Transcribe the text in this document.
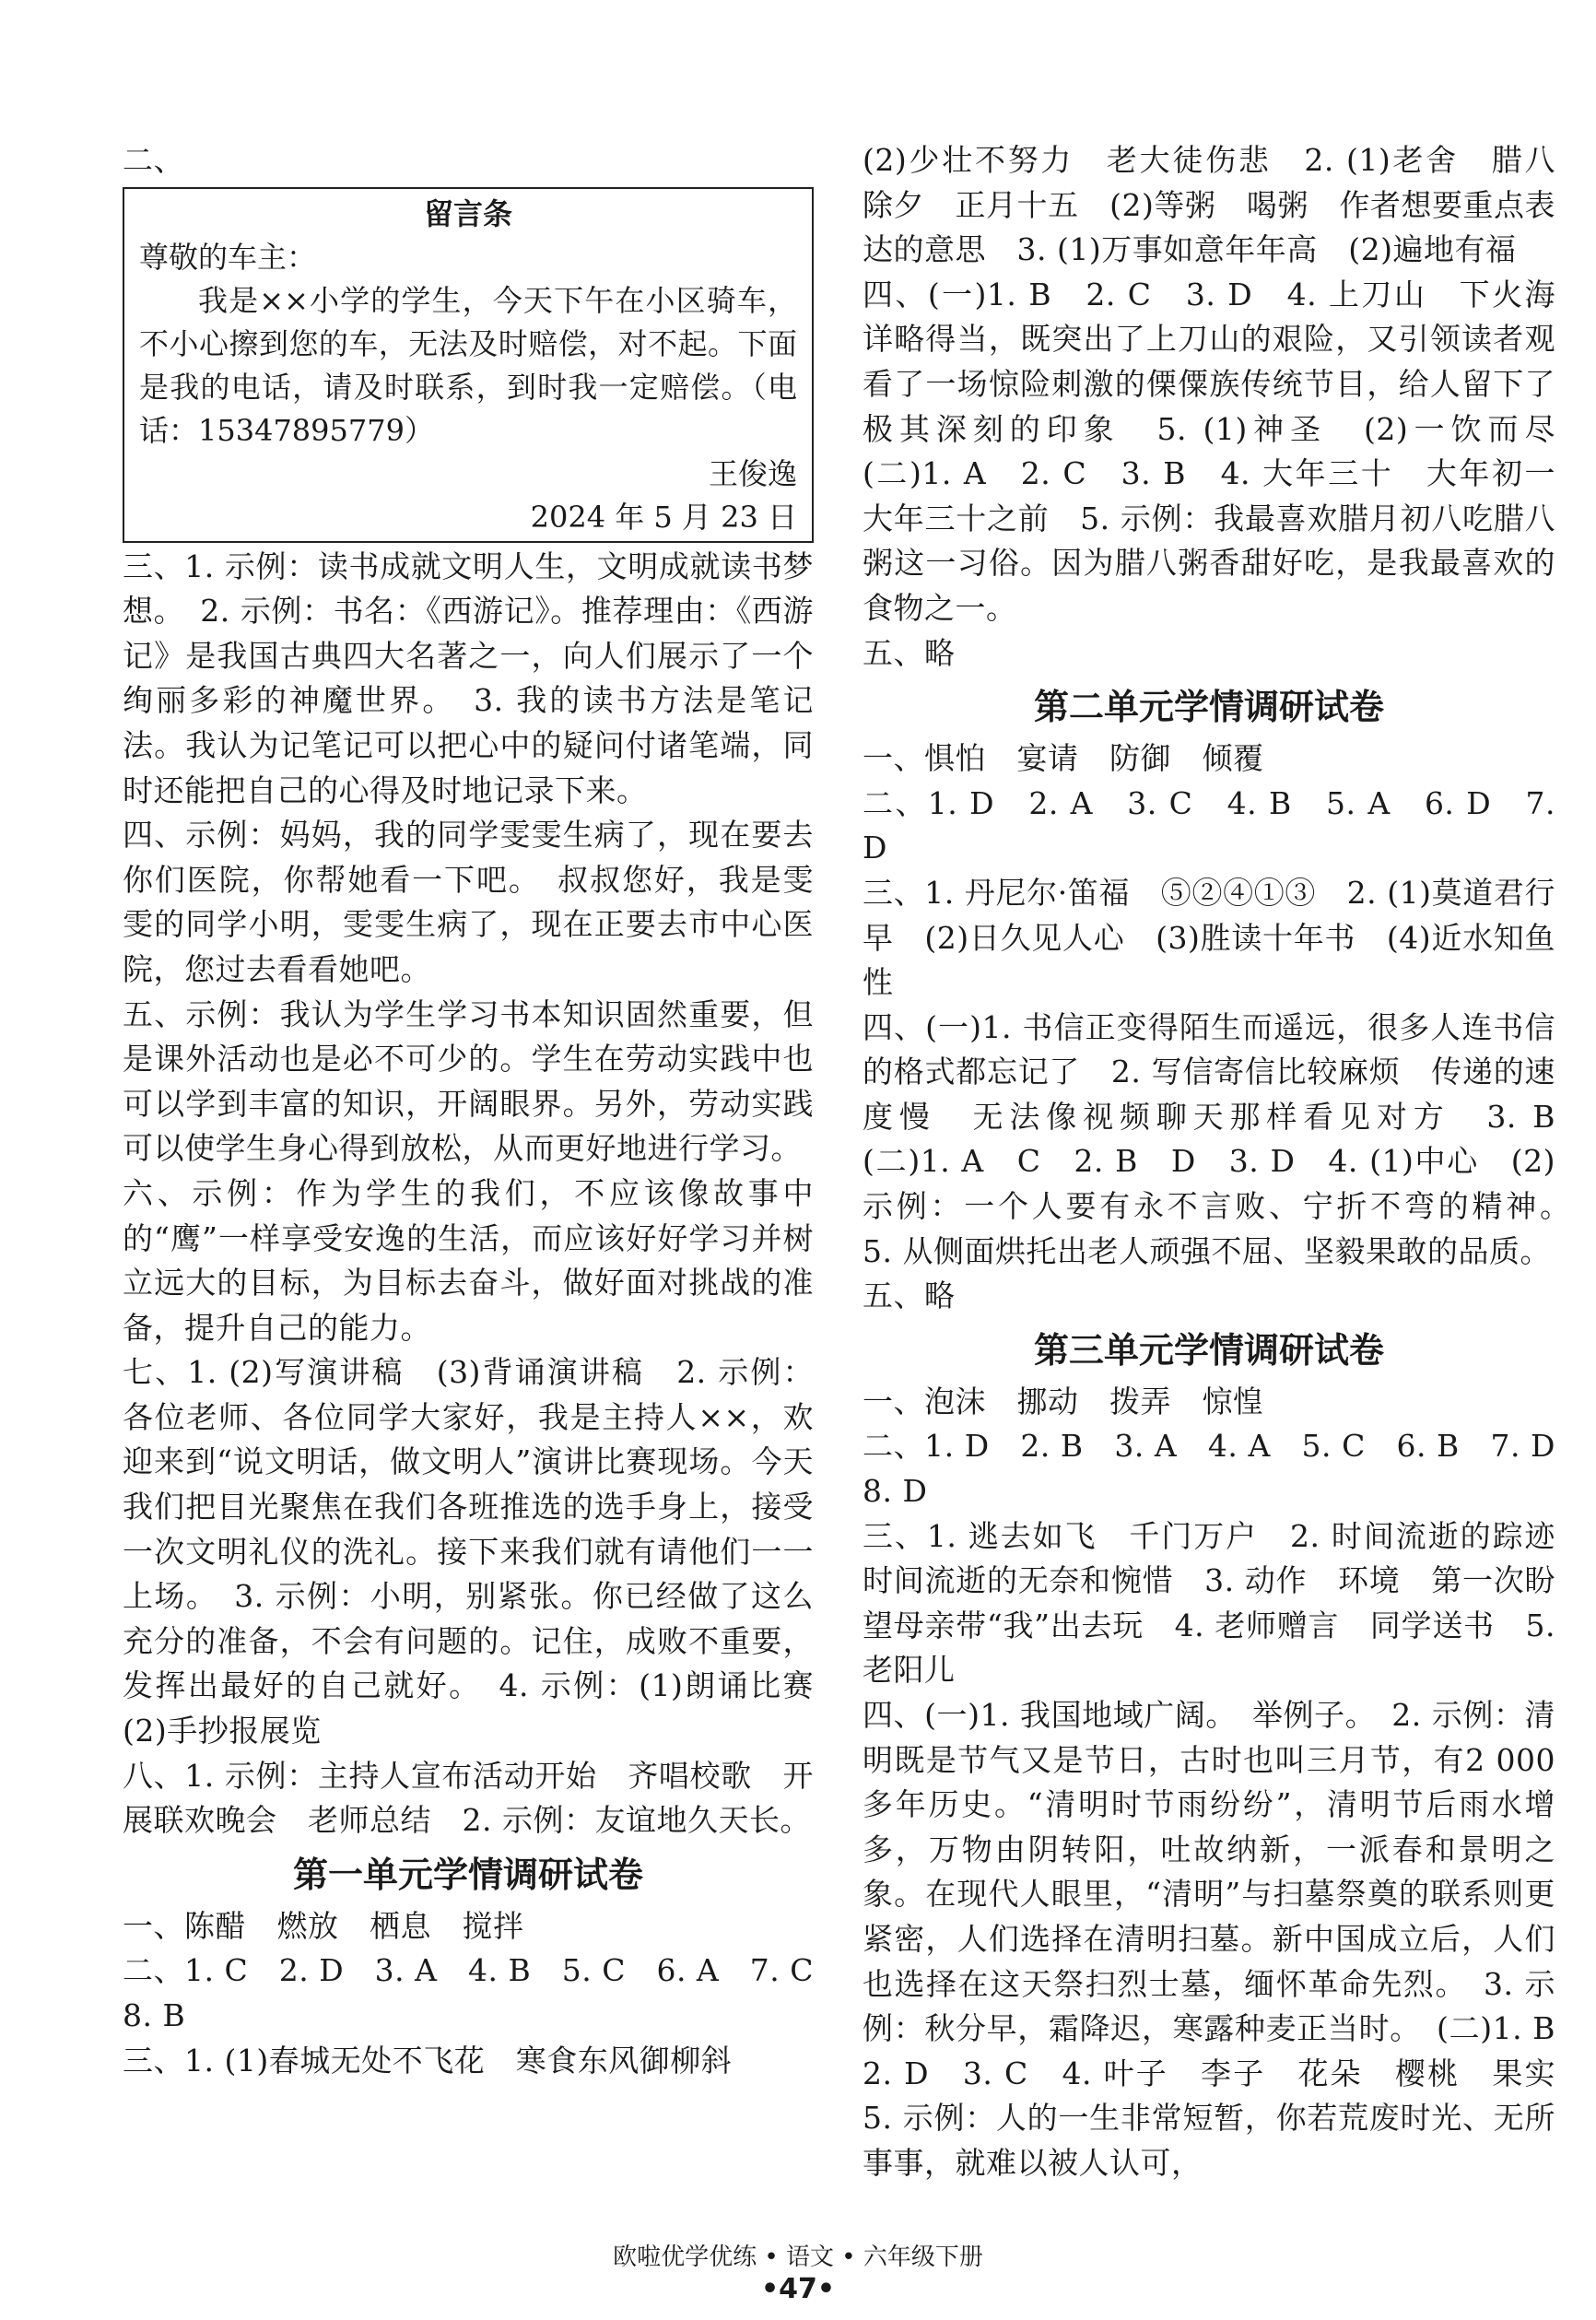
二、

留言条
尊敬的车主：

我是××小学的学生，今天下午在小区骑车，不小心擦到您的车，无法及时赔偿，对不起。下面是我的电话，请及时联系，到时我一定赔偿。（电话：15347895779）

王俊逸
2024 年 5 月 23 日

三、1. 示例：读书成就文明人生，文明成就读书梦想。　2. 示例：书名：《西游记》。推荐理由：《西游记》是我国古典四大名著之一，向人们展示了一个绚丽多彩的神魔世界。　3. 我的读书方法是笔记法。我认为记笔记可以把心中的疑问付诸笔端，同时还能把自己的心得及时地记录下来。

四、示例：妈妈，我的同学雯雯生病了，现在要去你们医院，你帮她看一下吧。　叔叔您好，我是雯雯的同学小明，雯雯生病了，现在正要去市中心医院，您过去看看她吧。

五、示例：我认为学生学习书本知识固然重要，但是课外活动也是必不可少的。学生在劳动实践中也可以学到丰富的知识，开阔眼界。另外，劳动实践可以使学生身心得到放松，从而更好地进行学习。

六、示例：作为学生的我们，不应该像故事中的“鹰”一样享受安逸的生活，而应该好好学习并树立远大的目标，为目标去奋斗，做好面对挑战的准备，提升自己的能力。

七、1. (2)写演讲稿　(3)背诵演讲稿　2. 示例：各位老师、各位同学大家好，我是主持人××，欢迎来到“说文明话，做文明人”演讲比赛现场。今天我们把目光聚焦在我们各班推选的选手身上，接受一次文明礼仪的洗礼。接下来我们就有请他们一一上场。　3. 示例：小明，别紧张。你已经做了这么充分的准备，不会有问题的。记住，成败不重要，发挥出最好的自己就好。　4. 示例：(1)朗诵比赛　(2)手抄报展览

八、1. 示例：主持人宣布活动开始　齐唱校歌　开展联欢晚会　老师总结　2. 示例：友谊地久天长。

第一单元学情调研试卷

一、陈醋　燃放　栖息　搅拌

二、1. C　2. D　3. A　4. B　5. C　6. A　7. C　8. B

三、1. (1)春城无处不飞花　寒食东风御柳斜

(2)少壮不努力　老大徒伤悲　2. (1)老舍　腊八　除夕　正月十五　(2)等粥　喝粥　作者想要重点表达的意思　3. (1)万事如意年年高　(2)遍地有福

四、(一)1. B　2. C　3. D　4. 上刀山　下火海　详略得当，既突出了上刀山的艰险，又引领读者观看了一场惊险刺激的傈僳族传统节目，给人留下了极其深刻的印象　5. (1)神圣　(2)一饮而尽　(二)1. A　2. C　3. B　4. 大年三十　大年初一　大年三十之前　5. 示例：我最喜欢腊月初八吃腊八粥这一习俗。因为腊八粥香甜好吃，是我最喜欢的食物之一。

五、略

第二单元学情调研试卷

一、惧怕　宴请　防御　倾覆

二、1. D　2. A　3. C　4. B　5. A　6. D　7. D

三、1. 丹尼尔·笛福　⑤②④①③　2. (1)莫道君行早　(2)日久见人心　(3)胜读十年书　(4)近水知鱼性

四、(一)1. 书信正变得陌生而遥远，很多人连书信的格式都忘记了　2. 写信寄信比较麻烦　传递的速度慢　无法像视频聊天那样看见对方　3. B　(二)1. A　C　2. B　D　3. D　4. (1)中心　(2)示例：一个人要有永不言败、宁折不弯的精神。　5. 从侧面烘托出老人顽强不屈、坚毅果敢的品质。

五、略

第三单元学情调研试卷

一、泡沫　挪动　拨弄　惊惶

二、1. D　2. B　3. A　4. A　5. C　6. B　7. D　8. D

三、1. 逃去如飞　千门万户　2. 时间流逝的踪迹　时间流逝的无奈和惋惜　3. 动作　环境　第一次盼望母亲带“我”出去玩　4. 老师赠言　同学送书　5. 老阳儿

四、(一)1. 我国地域广阔。　举例子。　2. 示例：清明既是节气又是节日，古时也叫三月节，有2 000 多年历史。“清明时节雨纷纷”，清明节后雨水增多，万物由阴转阳，吐故纳新，一派春和景明之象。在现代人眼里，“清明”与扫墓祭奠的联系则更紧密，人们选择在清明扫墓。新中国成立后，人们也选择在这天祭扫烈士墓，缅怀革命先烈。　3. 示例：秋分早，霜降迟，寒露种麦正当时。　(二)1. B　2. D　3. C　4. 叶子　李子　花朵　樱桃　果实　5. 示例：人的一生非常短暂，你若荒废时光、无所事事，就难以被人认可，

欧啦优学优练 • 语文 • 六年级下册
•47•
